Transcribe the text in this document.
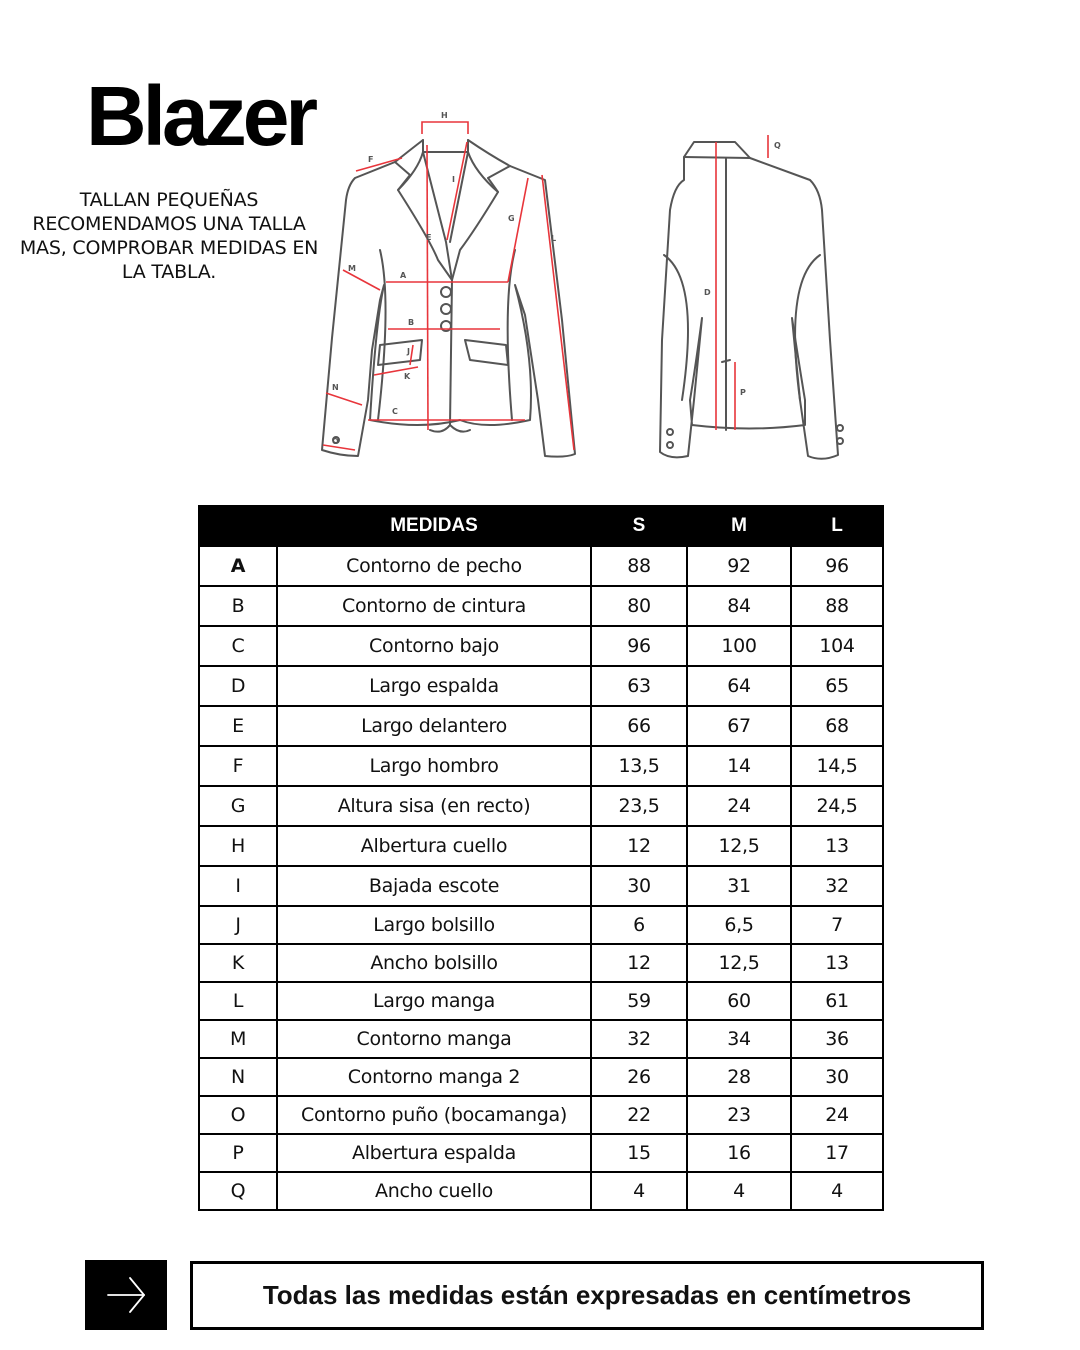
Blazer
TALLAN PEQUEÑAS RECOMENDAMOS UNA TALLA MAS, COMPROBAR MEDIDAS EN LA TABLA.
H
F
I
G
E	L
M
A
B
J
K
N
C
O
Q
D
P
	MEDIDAS	S	M	L
A	Contorno de pecho	88	92	96
B	Contorno de cintura	80	84	88
C	Contorno bajo	96	100	104
D	Largo espalda	63	64	65
E	Largo delantero	66	67	68
F	Largo hombro	13,5	14	14,5
G	Altura sisa (en recto)	23,5	24	24,5
H	Albertura cuello	12	12,5	13
I	Bajada escote	30	31	32
J	Largo bolsillo	6	6,5	7
K	Ancho bolsillo	12	12,5	13
L	Largo manga	59	60	61
M	Contorno manga	32	34	36
N	Contorno manga 2	26	28	30
O	Contorno puño (bocamanga)	22	23	24
P	Albertura espalda	15	16	17
Q	Ancho cuello	4	4	4
Todas las medidas están expresadas en centímetros
